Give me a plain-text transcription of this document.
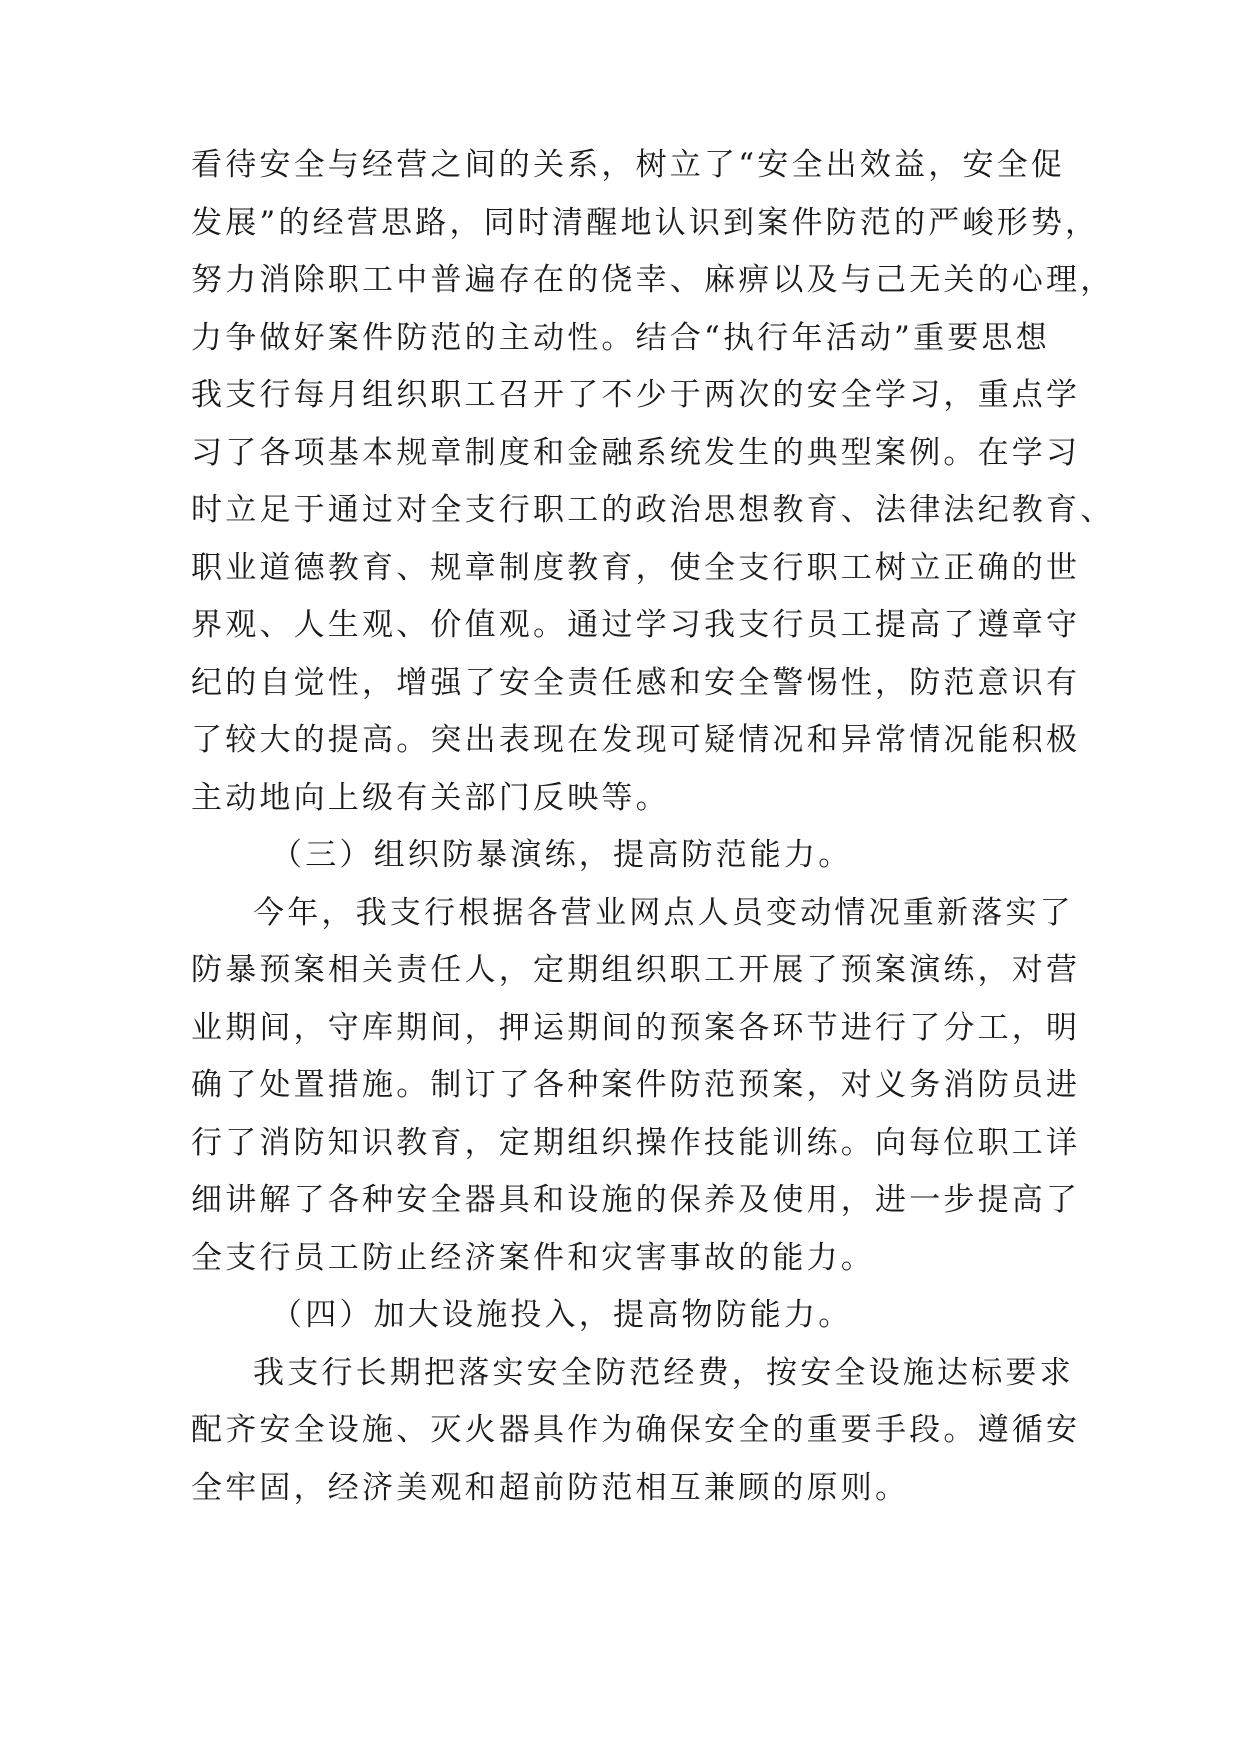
看待安全与经营之间的关系，树立了“安全出效益，安全促
发展”的经营思路，同时清醒地认识到案件防范的严峻形势，
努力消除职工中普遍存在的侥幸、麻痹以及与己无关的心理，
力争做好案件防范的主动性。结合“执行年活动”重要思想
我支行每月组织职工召开了不少于两次的安全学习，重点学
习了各项基本规章制度和金融系统发生的典型案例。在学习
时立足于通过对全支行职工的政治思想教育、法律法纪教育、
职业道德教育、规章制度教育，使全支行职工树立正确的世
界观、人生观、价值观。通过学习我支行员工提高了遵章守
纪的自觉性，增强了安全责任感和安全警惕性，防范意识有
了较大的提高。突出表现在发现可疑情况和异常情况能积极
主动地向上级有关部门反映等。
（三）组织防暴演练，提高防范能力。
今年，我支行根据各营业网点人员变动情况重新落实了
防暴预案相关责任人，定期组织职工开展了预案演练，对营
业期间，守库期间，押运期间的预案各环节进行了分工，明
确了处置措施。制订了各种案件防范预案，对义务消防员进
行了消防知识教育，定期组织操作技能训练。向每位职工详
细讲解了各种安全器具和设施的保养及使用，进一步提高了
全支行员工防止经济案件和灾害事故的能力。
（四）加大设施投入，提高物防能力。
我支行长期把落实安全防范经费，按安全设施达标要求
配齐安全设施、灭火器具作为确保安全的重要手段。遵循安
全牢固，经济美观和超前防范相互兼顾的原则。
